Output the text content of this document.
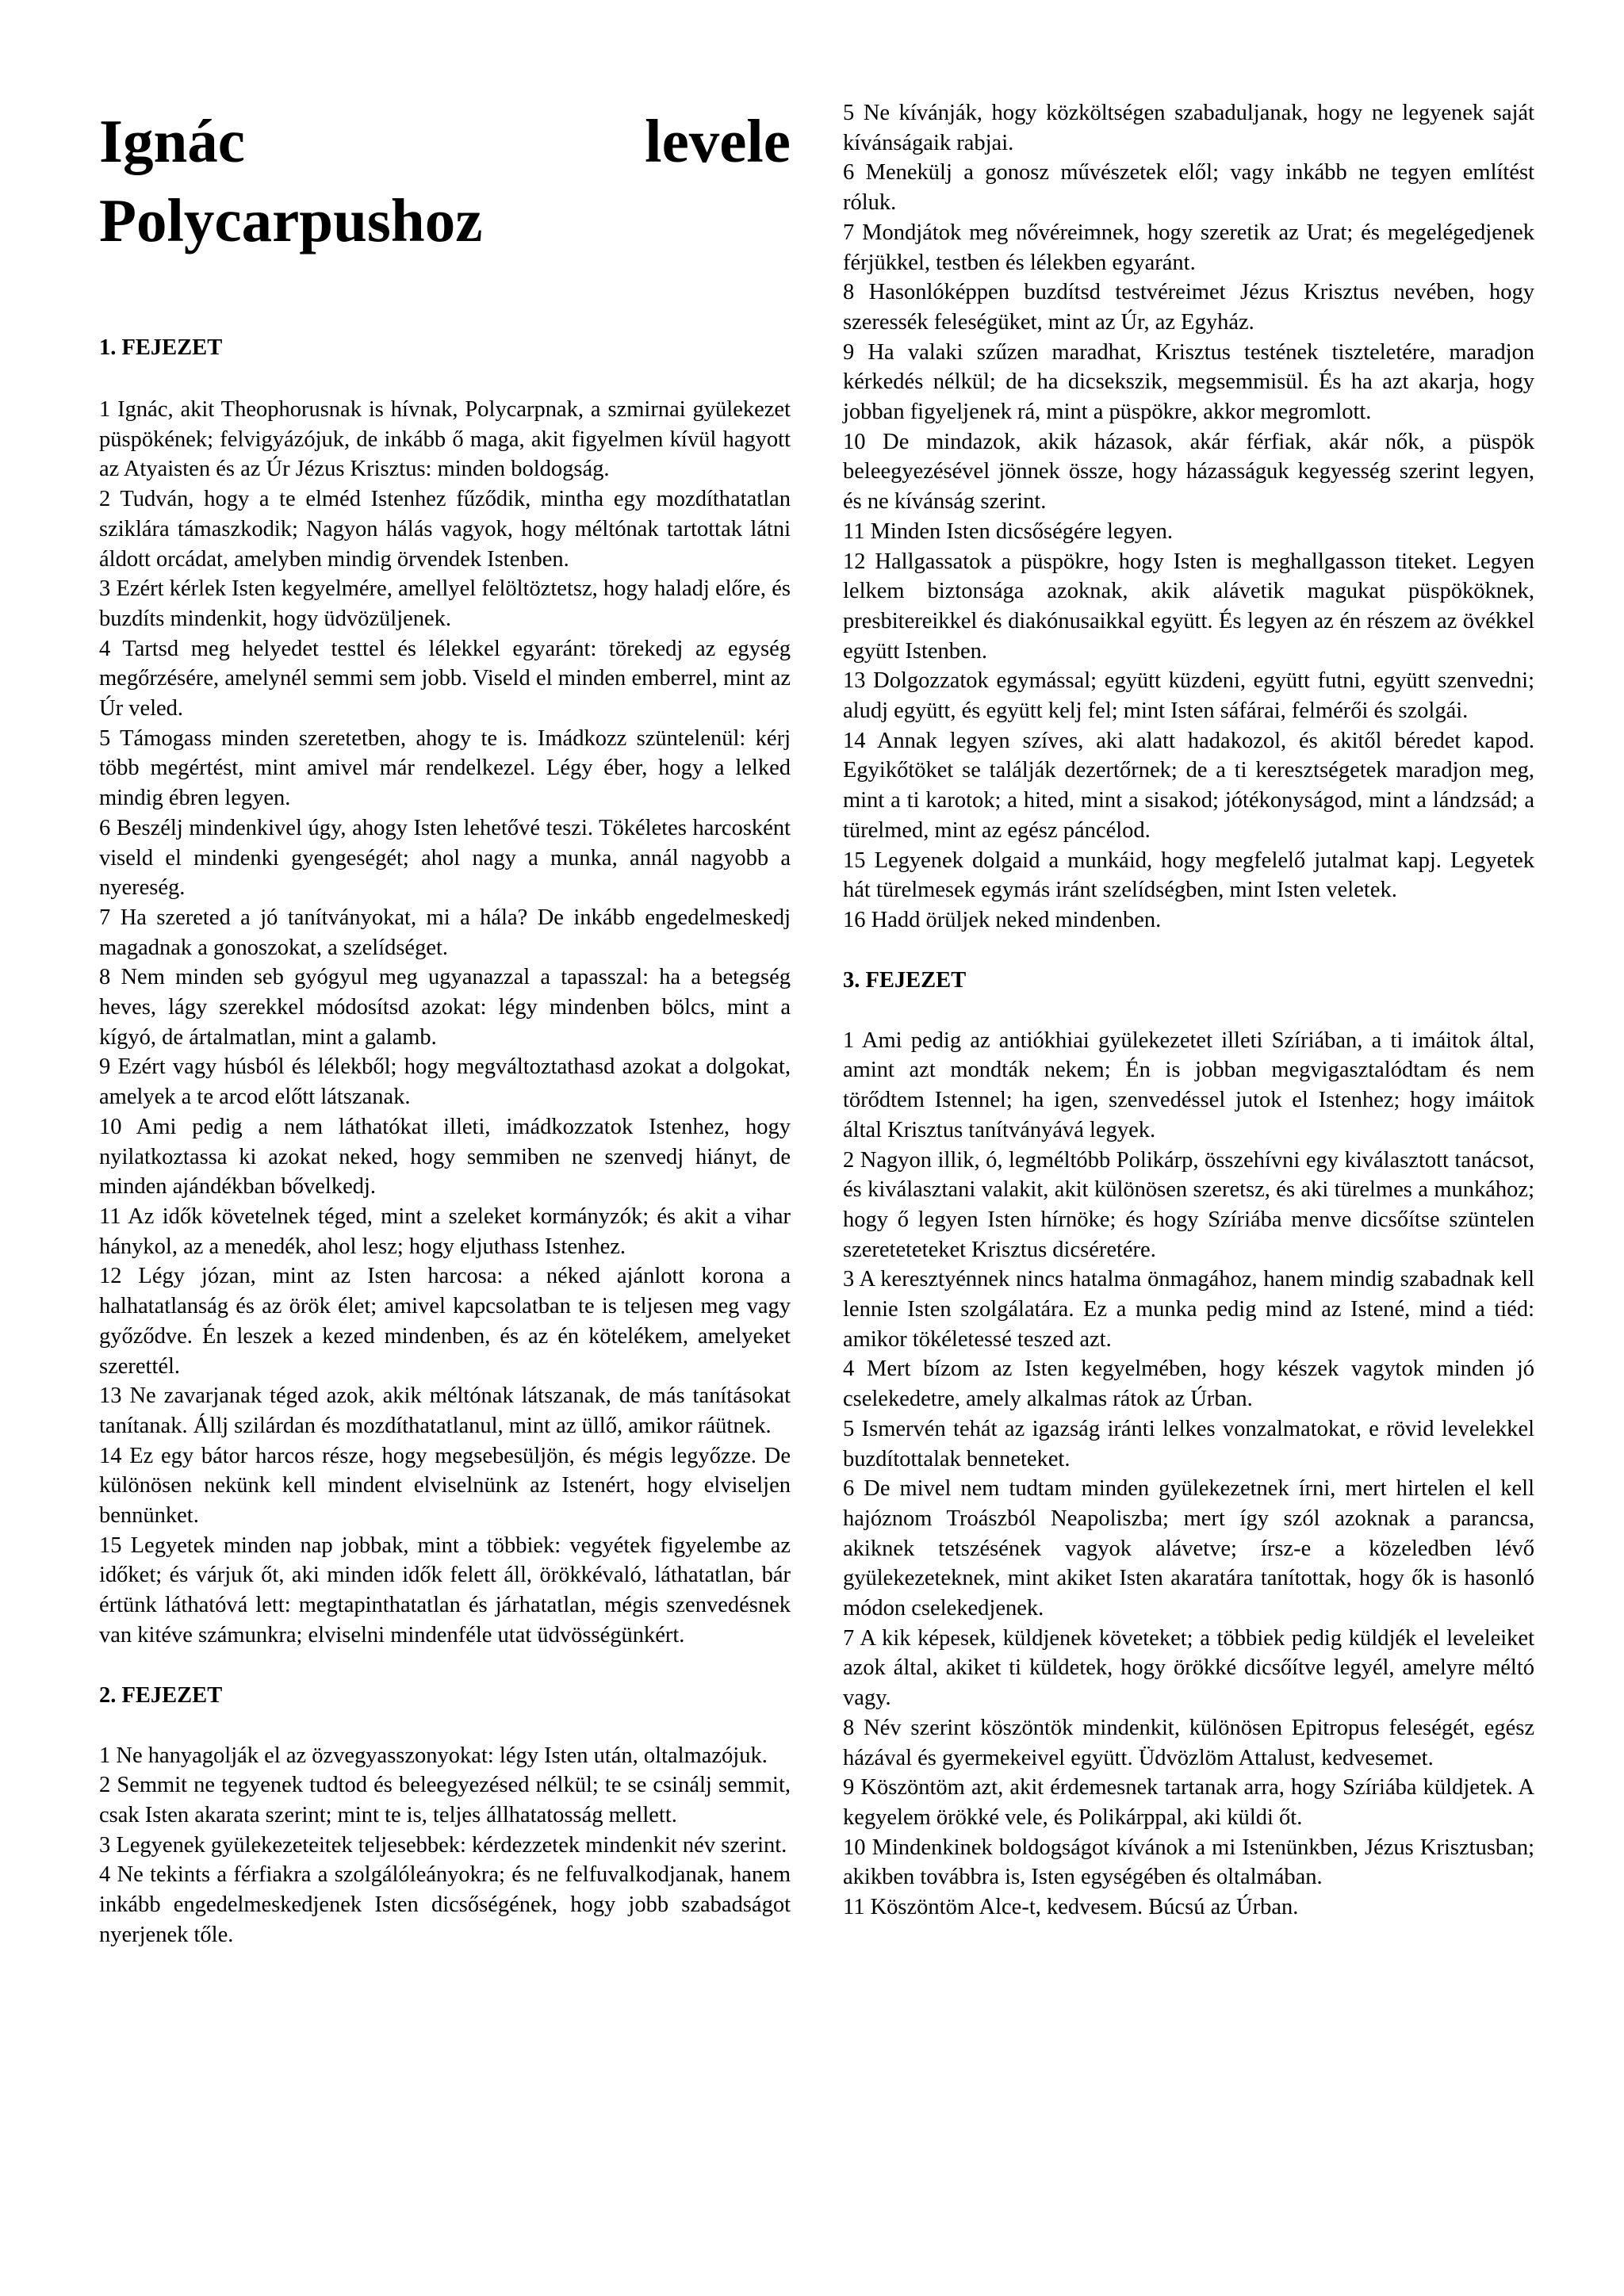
Ignác	levele
Polycarpushoz

1. FEJEZET

1 Ignác, akit Theophorusnak is hívnak, Polycarpnak, a szmirnai gyülekezet püspökének; felvigyázójuk, de inkább ő maga, akit figyelmen kívül hagyott az Atyaisten és az Úr Jézus Krisztus: minden boldogság.

2 Tudván, hogy a te elméd Istenhez fűződik, mintha egy mozdíthatatlan sziklára támaszkodik; Nagyon hálás vagyok, hogy méltónak tartottak látni áldott orcádat, amelyben mindig örvendek Istenben.

3 Ezért kérlek Isten kegyelmére, amellyel felöltöztetsz, hogy haladj előre, és buzdíts mindenkit, hogy üdvözüljenek.

4 Tartsd meg helyedet testtel és lélekkel egyaránt: törekedj az egység megőrzésére, amelynél semmi sem jobb. Viseld el minden emberrel, mint az Úr veled.

5 Támogass minden szeretetben, ahogy te is. Imádkozz szüntelenül: kérj több megértést, mint amivel már rendelkezel. Légy éber, hogy a lelked mindig ébren legyen.

6 Beszélj mindenkivel úgy, ahogy Isten lehetővé teszi. Tökéletes harcosként viseld el mindenki gyengeségét; ahol nagy a munka, annál nagyobb a nyereség.

7 Ha szereted a jó tanítványokat, mi a hála? De inkább engedelmeskedj magadnak a gonoszokat, a szelídséget.

8 Nem minden seb gyógyul meg ugyanazzal a tapasszal: ha a betegség heves, lágy szerekkel módosítsd azokat: légy mindenben bölcs, mint a kígyó, de ártalmatlan, mint a galamb.

9 Ezért vagy húsból és lélekből; hogy megváltoztathasd azokat a dolgokat, amelyek a te arcod előtt látszanak.

10 Ami pedig a nem láthatókat illeti, imádkozzatok Istenhez, hogy nyilatkoztassa ki azokat neked, hogy semmiben ne szenvedj hiányt, de minden ajándékban bővelkedj.

11 Az idők követelnek téged, mint a szeleket kormányzók; és akit a vihar hánykol, az a menedék, ahol lesz; hogy eljuthass Istenhez.

12 Légy józan, mint az Isten harcosa: a néked ajánlott korona a halhatatlanság és az örök élet; amivel kapcsolatban te is teljesen meg vagy győződve. Én leszek a kezed mindenben, és az én kötelékem, amelyeket szerettél.

13 Ne zavarjanak téged azok, akik méltónak látszanak, de más tanításokat tanítanak. Állj szilárdan és mozdíthatatlanul, mint az üllő, amikor ráütnek.

14 Ez egy bátor harcos része, hogy megsebesüljön, és mégis legyőzze. De különösen nekünk kell mindent elviselnünk az Istenért, hogy elviseljen bennünket.

15 Legyetek minden nap jobbak, mint a többiek: vegyétek figyelembe az időket; és várjuk őt, aki minden idők felett áll, örökkévaló, láthatatlan, bár értünk láthatóvá lett: megtapinthatatlan és járhatatlan, mégis szenvedésnek van kitéve számunkra; elviselni mindenféle utat üdvösségünkért.

2. FEJEZET

1 Ne hanyagolják el az özvegyasszonyokat: légy Isten után, oltalmazójuk.

2 Semmit ne tegyenek tudtod és beleegyezésed nélkül; te se csinálj semmit, csak Isten akarata szerint; mint te is, teljes állhatatosság mellett.

3 Legyenek gyülekezeteitek teljesebbek: kérdezzetek mindenkit név szerint.

4 Ne tekints a férfiakra a szolgálóleányokra; és ne felfuvalkodjanak, hanem inkább engedelmeskedjenek Isten dicsőségének, hogy jobb szabadságot nyerjenek tőle.

5 Ne kívánják, hogy közköltségen szabaduljanak, hogy ne legyenek saját kívánságaik rabjai.

6 Menekülj a gonosz művészetek elől; vagy inkább ne tegyen említést róluk.

7 Mondjátok meg nővéreimnek, hogy szeretik az Urat; és megelégedjenek férjükkel, testben és lélekben egyaránt.

8 Hasonlóképpen buzdítsd testvéreimet Jézus Krisztus nevében, hogy szeressék feleségüket, mint az Úr, az Egyház.

9 Ha valaki szűzen maradhat, Krisztus testének tiszteletére, maradjon kérkedés nélkül; de ha dicsekszik, megsemmisül. És ha azt akarja, hogy jobban figyeljenek rá, mint a püspökre, akkor megromlott.

10 De mindazok, akik házasok, akár férfiak, akár nők, a püspök beleegyezésével jönnek össze, hogy házasságuk kegyesség szerint legyen, és ne kívánság szerint.

11 Minden Isten dicsőségére legyen.

12 Hallgassatok a püspökre, hogy Isten is meghallgasson titeket. Legyen lelkem biztonsága azoknak, akik alávetik magukat püspököknek, presbitereikkel és diakónusaikkal együtt. És legyen az én részem az övékkel együtt Istenben.

13 Dolgozzatok egymással; együtt küzdeni, együtt futni, együtt szenvedni; aludj együtt, és együtt kelj fel; mint Isten sáfárai, felmérői és szolgái.

14 Annak legyen szíves, aki alatt hadakozol, és akitől béredet kapod. Egyikőtöket se találják dezertőrnek; de a ti keresztségetek maradjon meg, mint a ti karotok; a hited, mint a sisakod; jótékonyságod, mint a lándzsád; a türelmed, mint az egész páncélod.

15 Legyenek dolgaid a munkáid, hogy megfelelő jutalmat kapj. Legyetek hát türelmesek egymás iránt szelídségben, mint Isten veletek.

16 Hadd örüljek neked mindenben.

3. FEJEZET

1 Ami pedig az antiókhiai gyülekezetet illeti Szíriában, a ti imáitok által, amint azt mondták nekem; Én is jobban megvigasztalódtam és nem törődtem Istennel; ha igen, szenvedéssel jutok el Istenhez; hogy imáitok által Krisztus tanítványává legyek.

2 Nagyon illik, ó, legméltóbb Polikárp, összehívni egy kiválasztott tanácsot, és kiválasztani valakit, akit különösen szeretsz, és aki türelmes a munkához; hogy ő legyen Isten hírnöke; és hogy Szíriába menve dicsőítse szüntelen szereteteteket Krisztus dicséretére.

3 A keresztyénnek nincs hatalma önmagához, hanem mindig szabadnak kell lennie Isten szolgálatára. Ez a munka pedig mind az Istené, mind a tiéd: amikor tökéletessé teszed azt.

4 Mert bízom az Isten kegyelmében, hogy készek vagytok minden jó cselekedetre, amely alkalmas rátok az Úrban.

5 Ismervén tehát az igazság iránti lelkes vonzalmatokat, e rövid levelekkel buzdítottalak benneteket.

6 De mivel nem tudtam minden gyülekezetnek írni, mert hirtelen el kell hajóznom Troászból Neapoliszba; mert így szól azoknak a parancsa, akiknek tetszésének vagyok alávetve; írsz-e a közeledben lévő gyülekezeteknek, mint akiket Isten akaratára tanítottak, hogy ők is hasonló módon cselekedjenek.

7 A kik képesek, küldjenek követeket; a többiek pedig küldjék el leveleiket azok által, akiket ti küldetek, hogy örökké dicsőítve legyél, amelyre méltó vagy.

8 Név szerint köszöntök mindenkit, különösen Epitropus feleségét, egész házával és gyermekeivel együtt. Üdvözlöm Attalust, kedvesemet.

9 Köszöntöm azt, akit érdemesnek tartanak arra, hogy Szíriába küldjetek. A kegyelem örökké vele, és Polikárppal, aki küldi őt.

10 Mindenkinek boldogságot kívánok a mi Istenünkben, Jézus Krisztusban; akikben továbbra is, Isten egységében és oltalmában.

11 Köszöntöm Alce-t, kedvesem. Búcsú az Úrban.
